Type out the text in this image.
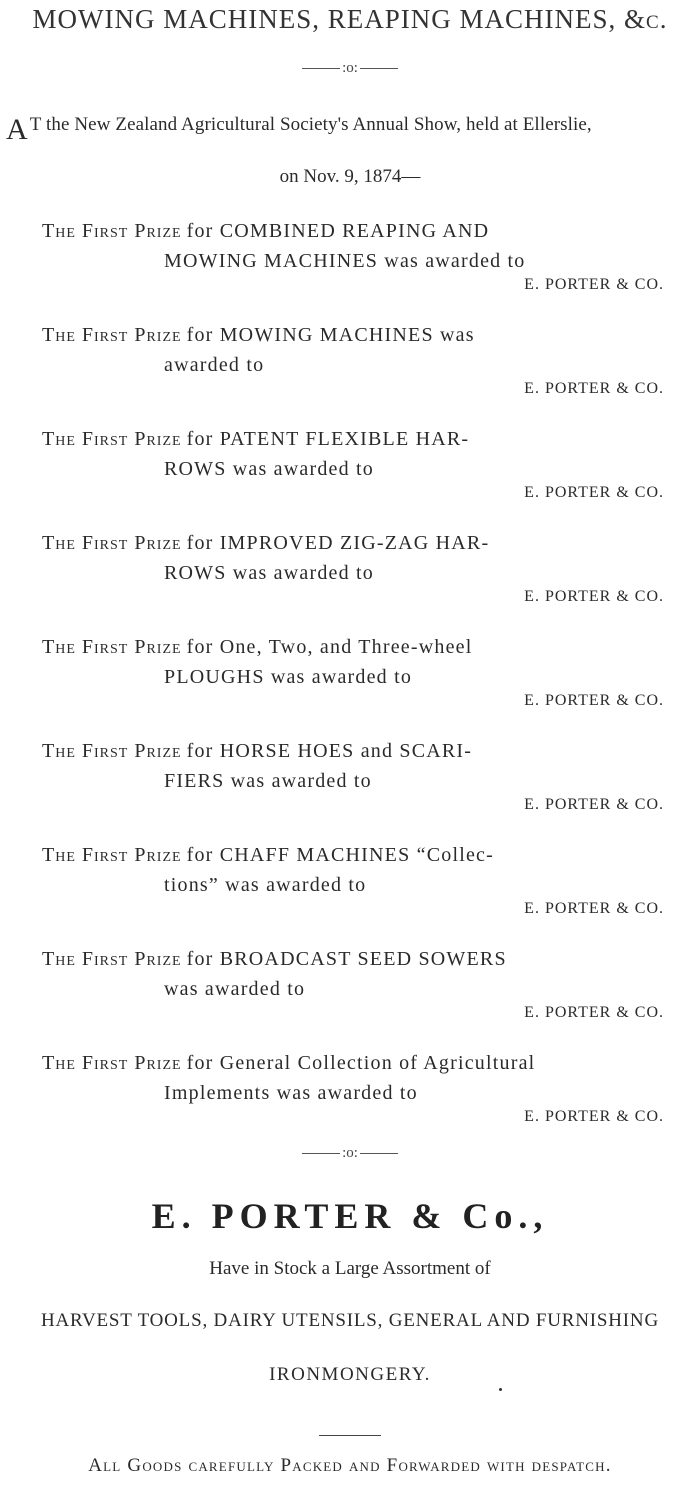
MOWING MACHINES, REAPING MACHINES, &c.
:o:
A T the New Zealand Agricultural Society's Annual Show, held at Ellerslie,
on Nov. 9, 1874—
The First Prize for COMBINED REAPING AND
MOWING MACHINES was awarded to
E. PORTER & CO.
The First Prize for MOWING MACHINES was
awarded to
E. PORTER & CO.
The First Prize for PATENT FLEXIBLE HAR-
ROWS was awarded to
E. PORTER & CO.
The First Prize for IMPROVED ZIG-ZAG HAR-
ROWS was awarded to
E. PORTER & CO.
The First Prize for One, Two, and Three-wheel
PLOUGHS was awarded to
E. PORTER & CO.
The First Prize for HORSE HOES and SCARI-
FIERS was awarded to
E. PORTER & CO.
The First Prize for CHAFF MACHINES “Collec-
tions” was awarded to
E. PORTER & CO.
The First Prize for BROADCAST SEED SOWERS
was awarded to
E. PORTER & CO.
The First Prize for General Collection of Agricultural
Implements was awarded to
E. PORTER & CO.
:o:
E. PORTER & Co.,
Have in Stock a Large Assortment of
HARVEST TOOLS, DAIRY UTENSILS, GENERAL AND FURNISHING
IRONMONGERY.
All Goods carefully Packed and Forwarded with despatch.
